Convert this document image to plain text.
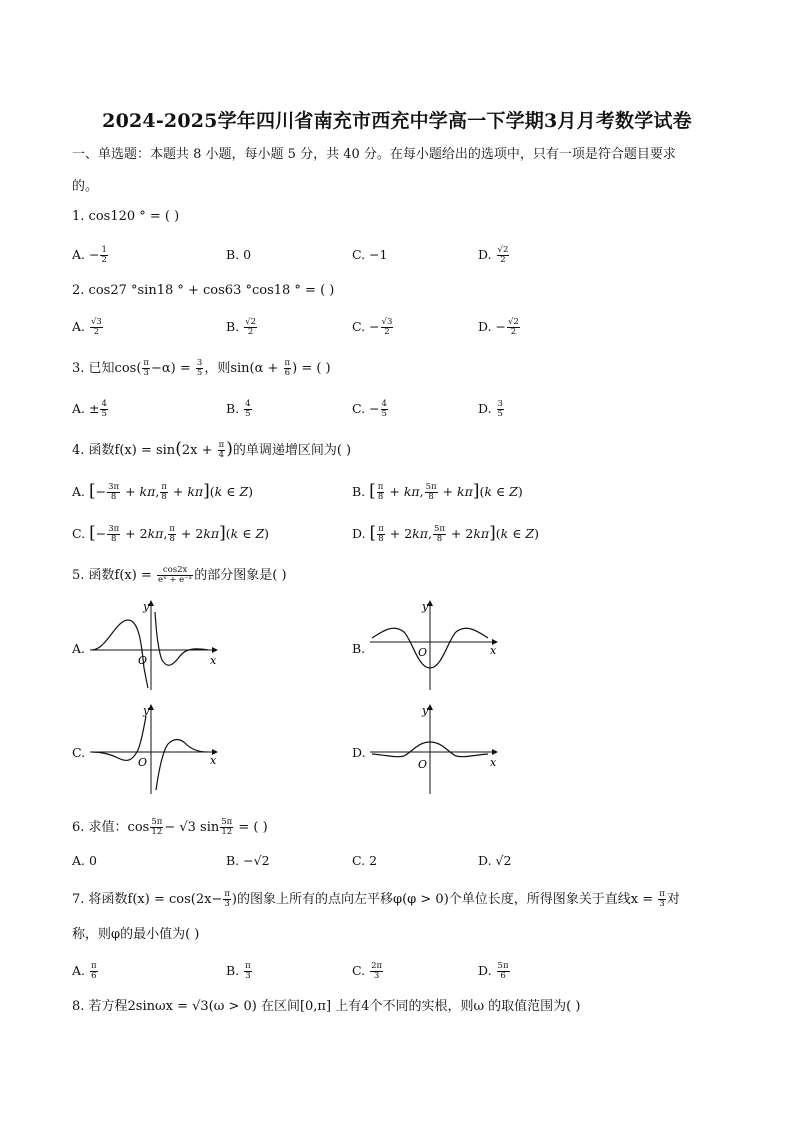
2024-2025学年四川省南充市西充中学高一下学期3月月考数学试卷
一、单选题：本题共 8 小题，每小题 5 分，共 40 分。在每小题给出的选项中，只有一项是符合题目要求
的。
1. cos120 ° = ( )
A. − $\frac{1}{2}$	B. 0	C. −1	D. $\frac{√2}{2}$
2. cos27 °sin18 ° + cos63 °cos18 ° = ( )
A. $\frac{√3}{2}$	B. $\frac{√2}{2}$	C. − $\frac{√3}{2}$	D. − $\frac{√2}{2}$
3. 已知$\cos( \frac{\pi}{3} -\alpha) = \frac{3}{5}$ ，则$\sin(\alpha + \frac{\pi}{6}$ ) = ( )
A. ± $\frac{4}{5}$	B. $\frac{4}{5}$	C. − $\frac{4}{5}$	D. $\frac{3}{5}$
4. 函数$f(x) = \sin(2x + \frac{\pi}{4}$ )的单调递增区间为( )
A. [− $\frac{3\pi}{8} + k\pi$, $\frac{\pi}{8} + k\pi](k$ ∈ Z)	B. [ $\frac{\pi}{8} + k\pi$, $\frac{5\pi}{8} + k\pi](k$ ∈ Z)
C. [− $\frac{3\pi}{8} + 2k\pi$, $\frac{\pi}{8} + 2k\pi](k$ ∈ Z)	D. [ $\frac{\pi}{8} + 2k\pi$, $\frac{5\pi}{8} + 2k\pi](k$ ∈ Z)
5. 函数$f(x) = \frac{\cos 2x}{\text{eˣ + e⁻ˣ}}$ 的部分图象是( )
A.	B.
C.	D.
y
x
O
y
x
O
y
x
O
y
x
O
6. 求值：$\cos \frac{5\pi}{12} - √3$ $\sin \frac{5\pi}{12}$ = ( )
A. 0	B. −√2	C. 2	D. √2
7. 将函数$f(x) = \cos(2x- \frac{\pi}{3}$ )的图象上所有的点向左平移φ(φ > 0)个单位长度，所得图象关于直线$x = \frac{\pi}{3}$ 对
称，则φ的最小值为( )
A. $\frac{\pi}{6}$	B. $\frac{\pi}{3}$	C. $\frac{2\pi}{3}$	D. $\frac{5\pi}{6}$
8. 若方程2sinωx = √3(ω > 0) 在区间[0,π] 上有4个不同的实根，则ω 的取值范围为( )
